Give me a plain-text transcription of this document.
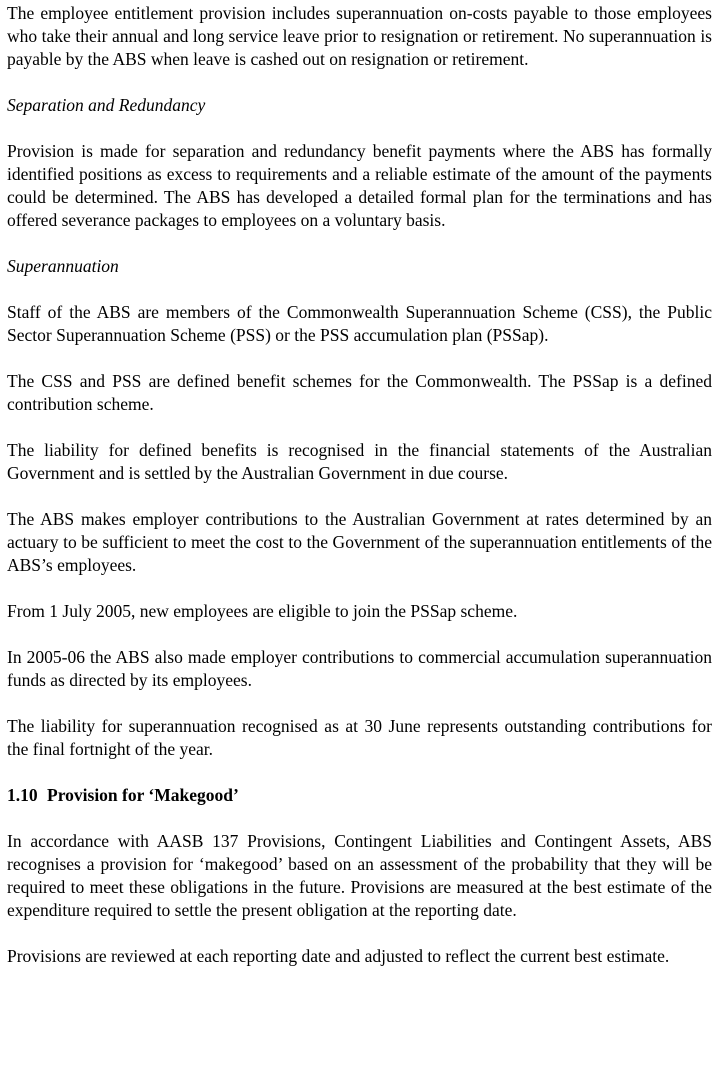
The employee entitlement provision includes superannuation on-costs payable to those employees who take their annual and long service leave prior to resignation or retirement. No superannuation is payable by the ABS when leave is cashed out on resignation or retirement.

Separation and Redundancy

Provision is made for separation and redundancy benefit payments where the ABS has formally identified positions as excess to requirements and a reliable estimate of the amount of the payments could be determined. The ABS has developed a detailed formal plan for the terminations and has offered severance packages to employees on a voluntary basis.

Superannuation

Staff of the ABS are members of the Commonwealth Superannuation Scheme (CSS), the Public Sector Superannuation Scheme (PSS) or the PSS accumulation plan (PSSap).

The CSS and PSS are defined benefit schemes for the Commonwealth. The PSSap is a defined contribution scheme.

The liability for defined benefits is recognised in the financial statements of the Australian Government and is settled by the Australian Government in due course.

The ABS makes employer contributions to the Australian Government at rates determined by an actuary to be sufficient to meet the cost to the Government of the superannuation entitlements of the ABS’s employees.

From 1 July 2005, new employees are eligible to join the PSSap scheme.

In 2005-06 the ABS also made employer contributions to commercial accumulation superannuation funds as directed by its employees.

The liability for superannuation recognised as at 30 June represents outstanding contributions for the final fortnight of the year.

1.10 Provision for ‘Makegood’

In accordance with AASB 137 Provisions, Contingent Liabilities and Contingent Assets, ABS recognises a provision for ‘makegood’ based on an assessment of the probability that they will be required to meet these obligations in the future. Provisions are measured at the best estimate of the expenditure required to settle the present obligation at the reporting date.

Provisions are reviewed at each reporting date and adjusted to reflect the current best estimate.
